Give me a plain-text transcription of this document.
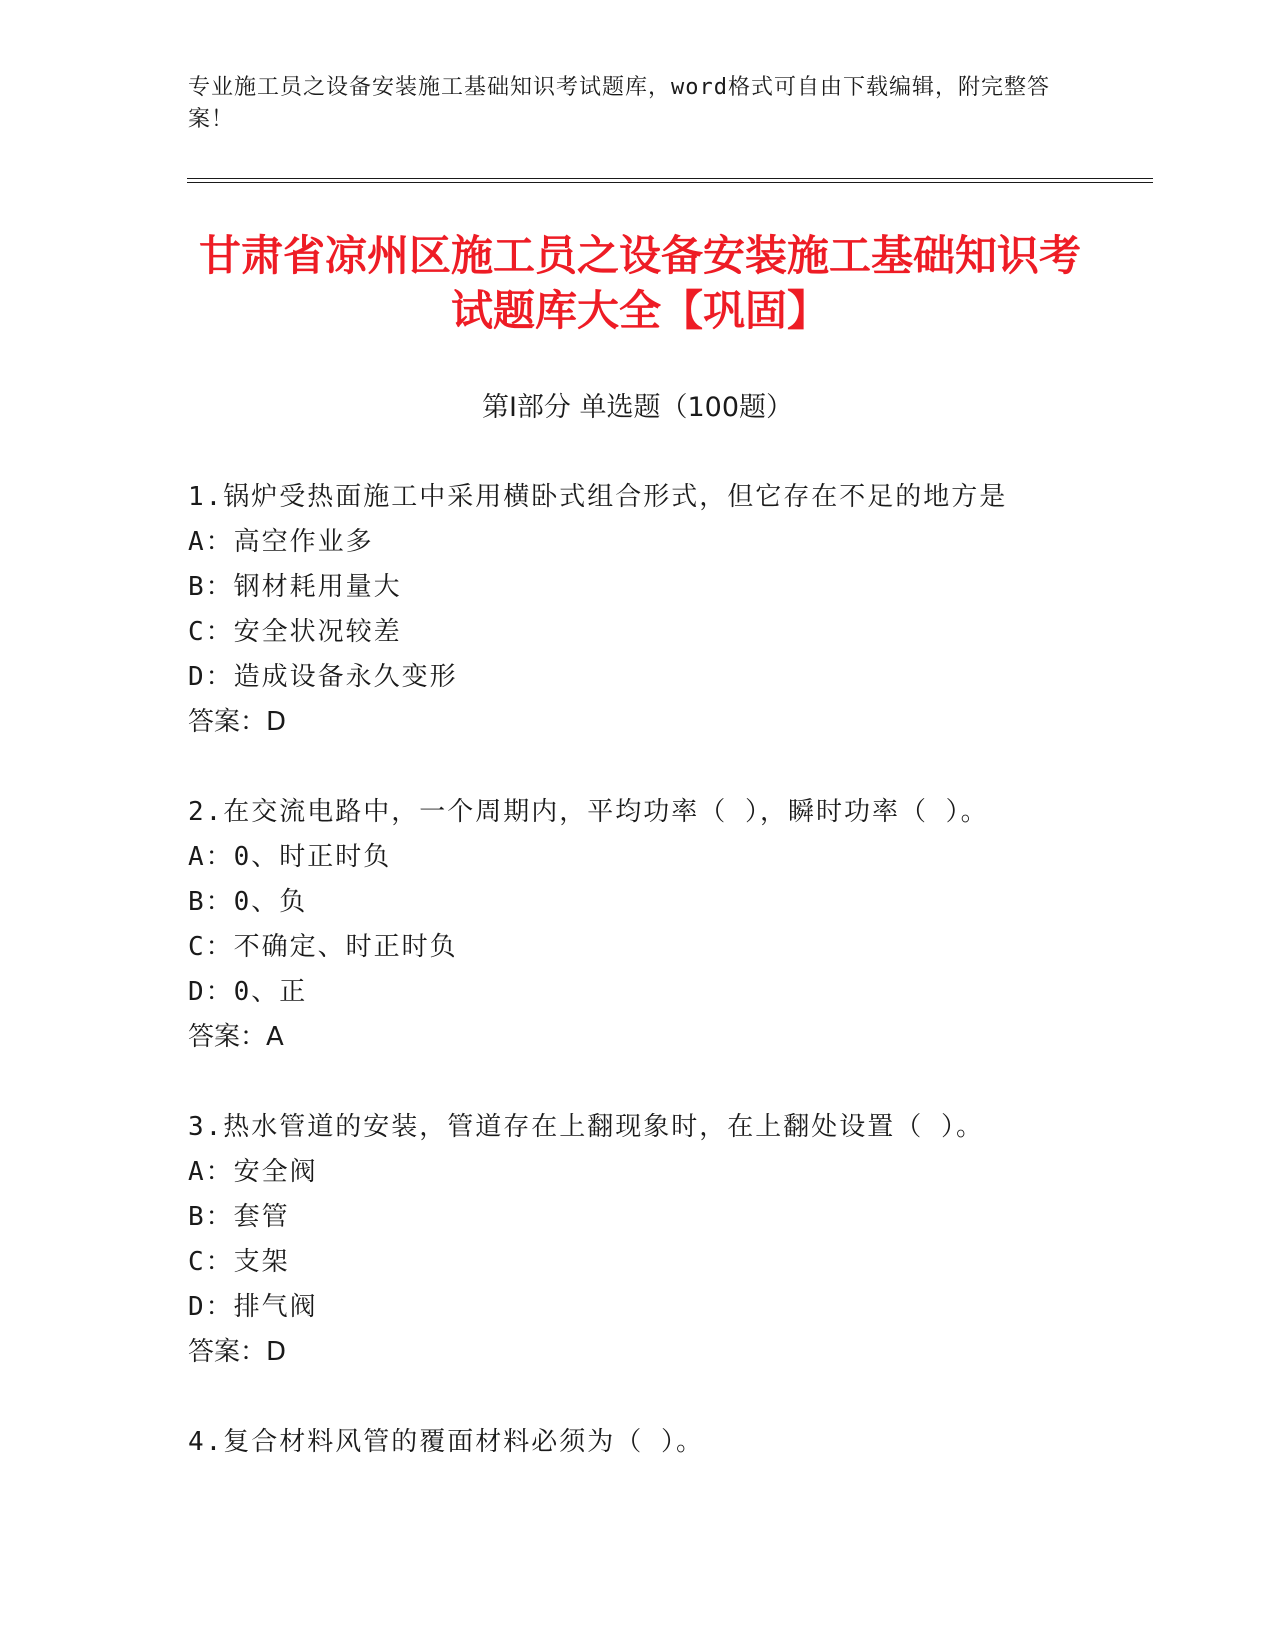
专业施工员之设备安装施工基础知识考试题库，word格式可自由下载编辑，附完整答案！
甘肃省凉州区施工员之设备安装施工基础知识考试题库大全【巩固】
第Ⅰ部分 单选题（100题）
1.锅炉受热面施工中采用横卧式组合形式，但它存在不足的地方是
A：高空作业多
B：钢材耗用量大
C：安全状况较差
D：造成设备永久变形
答案：D
2.在交流电路中，一个周期内，平均功率（ ），瞬时功率（ ）。
A：0、时正时负
B：0、负
C：不确定、时正时负
D：0、正
答案：A
3.热水管道的安装，管道存在上翻现象时，在上翻处设置（ ）。
A：安全阀
B：套管
C：支架
D：排气阀
答案：D
4.复合材料风管的覆面材料必须为（ ）。
